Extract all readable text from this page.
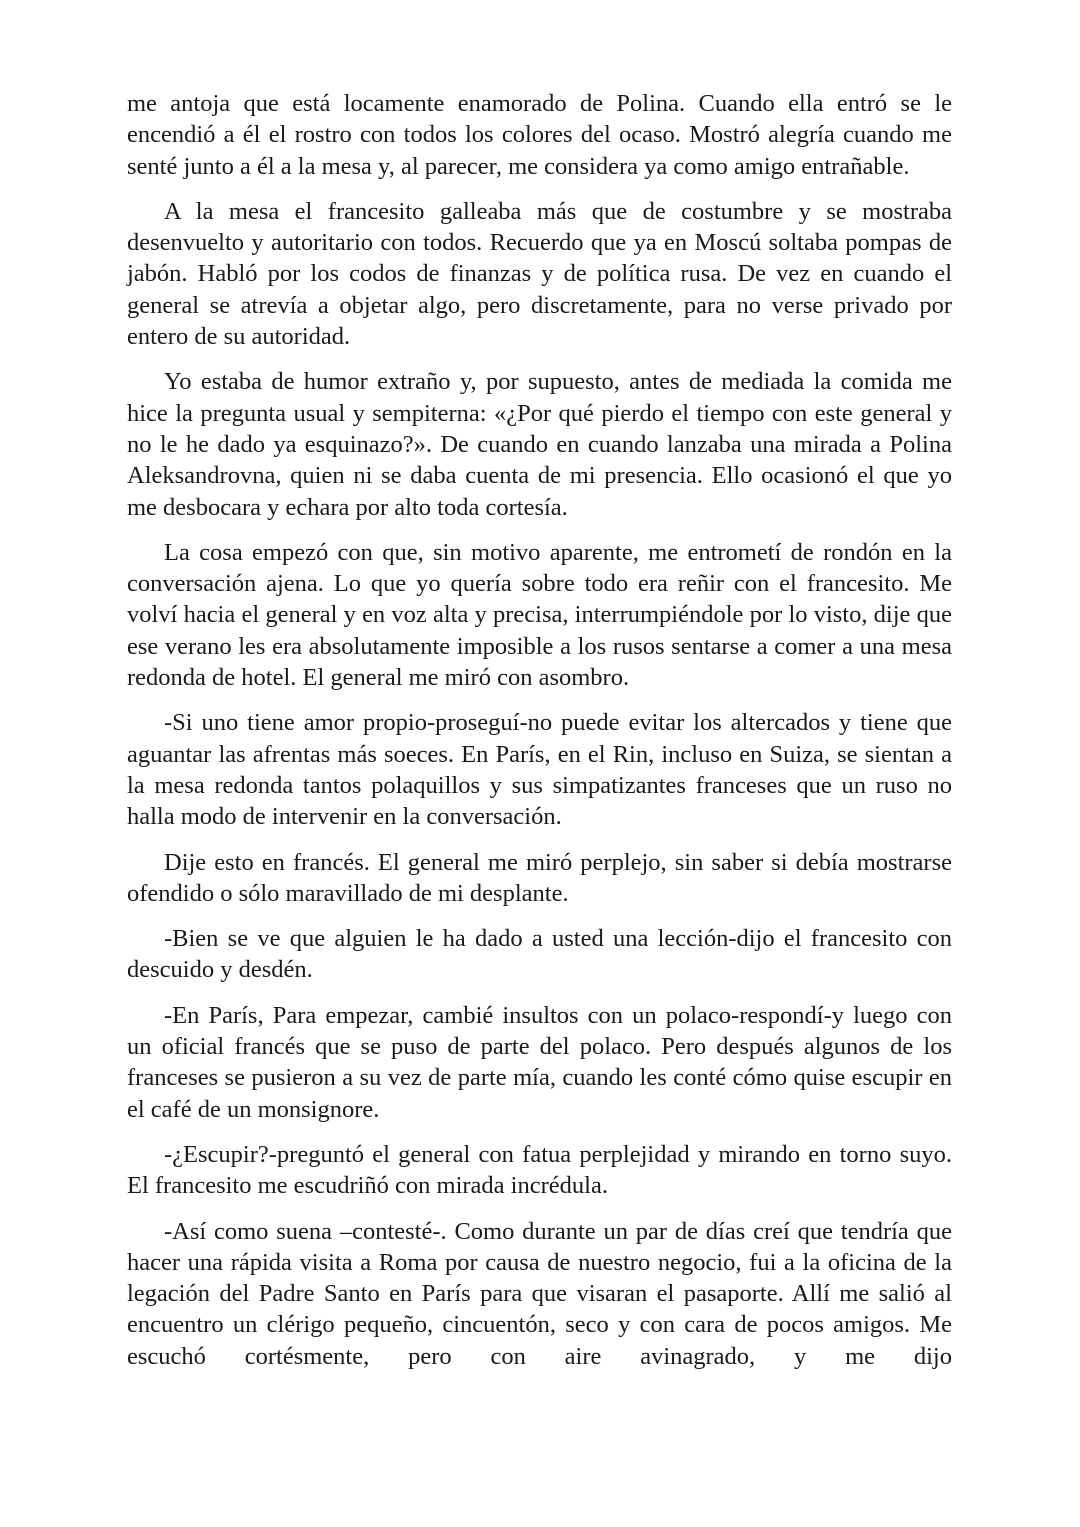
me antoja que está locamente enamorado de Polina. Cuando ella entró se le encendió a él el rostro con todos los colores del ocaso. Mostró alegría cuando me senté junto a él a la mesa y, al parecer, me considera ya como amigo entrañable.

A la mesa el francesito galleaba más que de costumbre y se mostraba desenvuelto y autoritario con todos. Recuerdo que ya en Moscú soltaba pompas de jabón. Habló por los codos de finanzas y de política rusa. De vez en cuando el general se atrevía a objetar algo, pero discretamente, para no verse privado por entero de su autoridad.

Yo estaba de humor extraño y, por supuesto, antes de mediada la comida me hice la pregunta usual y sempiterna: «¿Por qué pierdo el tiempo con este general y no le he dado ya esquinazo?». De cuando en cuando lanzaba una mirada a Polina Aleksandrovna, quien ni se daba cuenta de mi presencia. Ello ocasionó el que yo me desbocara y echara por alto toda cortesía.

La cosa empezó con que, sin motivo aparente, me entrometí de rondón en la conversación ajena. Lo que yo quería sobre todo era reñir con el francesito. Me volví hacia el general y en voz alta y precisa, interrumpiéndole por lo visto, dije que ese verano les era absolutamente imposible a los rusos sentarse a comer a una mesa redonda de hotel. El general me miró con asombro.

-Si uno tiene amor propio-proseguí-no puede evitar los altercados y tiene que aguantar las afrentas más soeces. En París, en el Rin, incluso en Suiza, se sientan a la mesa redonda tantos polaquillos y sus simpatizantes franceses que un ruso no halla modo de intervenir en la conversación.

Dije esto en francés. El general me miró perplejo, sin saber si debía mostrarse ofendido o sólo maravillado de mi desplante.

-Bien se ve que alguien le ha dado a usted una lección-dijo el francesito con descuido y desdén.

-En París, Para empezar, cambié insultos con un polaco-respondí-y luego con un oficial francés que se puso de parte del polaco. Pero después algunos de los franceses se pusieron a su vez de parte mía, cuando les conté cómo quise escupir en el café de un monsignore.

-¿Escupir?-preguntó el general con fatua perplejidad y mirando en torno suyo. El francesito me escudriñó con mirada incrédula.

-Así como suena –contesté-. Como durante un par de días creí que tendría que hacer una rápida visita a Roma por causa de nuestro negocio, fui a la oficina de la legación del Padre Santo en París para que visaran el pasaporte. Allí me salió al encuentro un clérigo pequeño, cincuentón, seco y con cara de pocos amigos. Me escuchó cortésmente, pero con aire avinagrado, y me dijo
